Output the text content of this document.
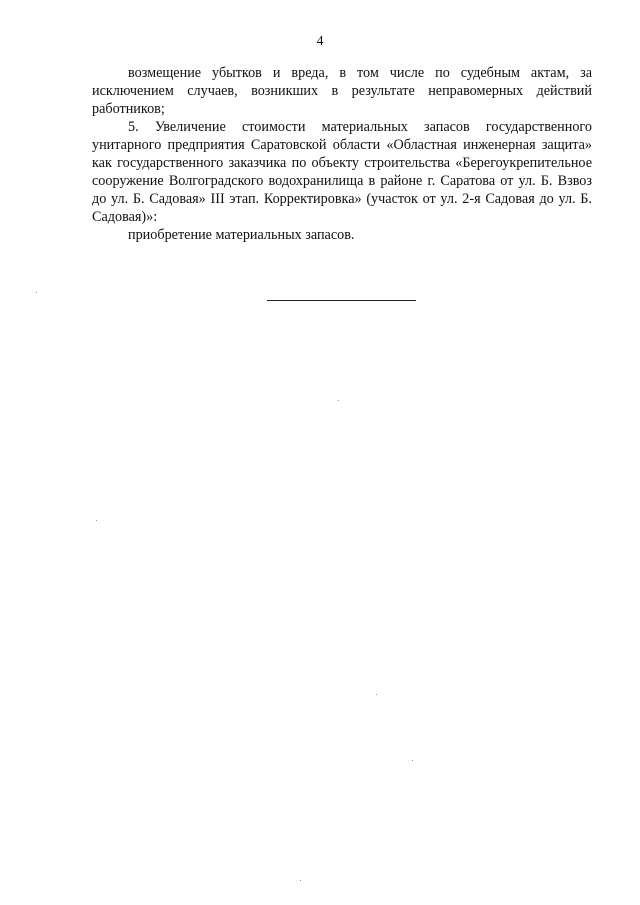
4

возмещение убытков и вреда, в том числе по судебным актам, за исключением случаев, возникших в результате неправомерных действий работников;

5. Увеличение стоимости материальных запасов государственного унитарного предприятия Саратовской области «Областная инженерная защита» как государственного заказчика по объекту строительства «Берегоукрепительное сооружение Волгоградского водохранилища в районе г. Саратова от ул. Б. Взвоз до ул. Б. Садовая» III этап. Корректировка» (участок от ул. 2-я Садовая до ул. Б. Садовая)»:

приобретение материальных запасов.
